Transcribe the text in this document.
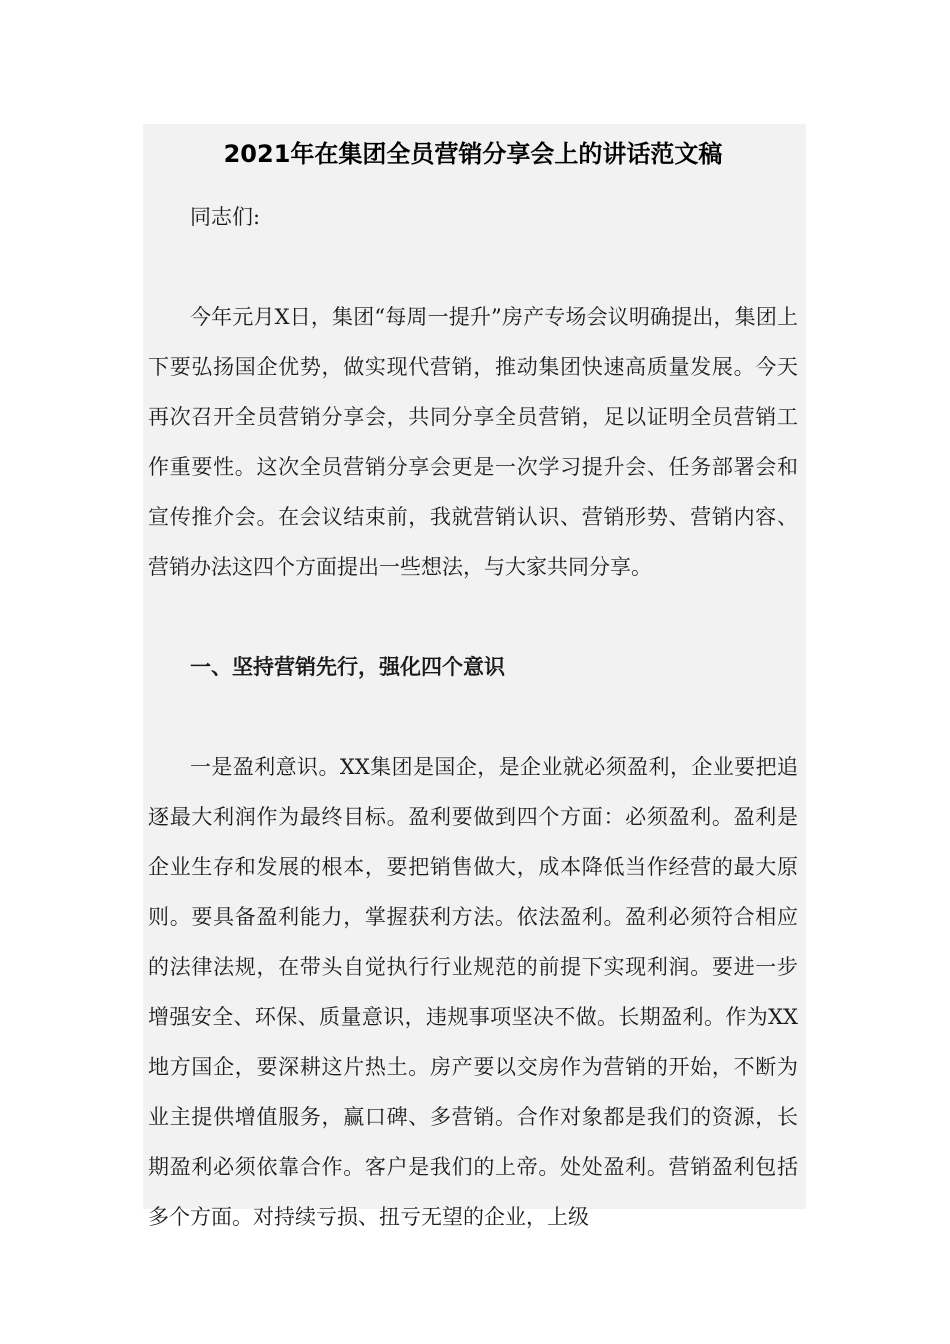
2021年在集团全员营销分享会上的讲话范文稿

同志们:

今年元月X日，集团“每周一提升”房产专场会议明确提出，集团上下要弘扬国企优势，做实现代营销，推动集团快速高质量发展。今天再次召开全员营销分享会，共同分享全员营销，足以证明全员营销工作重要性。这次全员营销分享会更是一次学习提升会、任务部署会和宣传推介会。在会议结束前，我就营销认识、营销形势、营销内容、营销办法这四个方面提出一些想法，与大家共同分享。

一、坚持营销先行，强化四个意识

一是盈利意识。XX集团是国企，是企业就必须盈利，企业要把追逐最大利润作为最终目标。盈利要做到四个方面：必须盈利。盈利是企业生存和发展的根本，要把销售做大，成本降低当作经营的最大原则。要具备盈利能力，掌握获利方法。依法盈利。盈利必须符合相应的法律法规，在带头自觉执行行业规范的前提下实现利润。要进一步增强安全、环保、质量意识，违规事项坚决不做。长期盈利。作为XX地方国企，要深耕这片热土。房产要以交房作为营销的开始，不断为业主提供增值服务，赢口碑、多营销。合作对象都是我们的资源，长期盈利必须依靠合作。客户是我们的上帝。处处盈利。营销盈利包括多个方面。对持续亏损、扭亏无望的企业，上级
